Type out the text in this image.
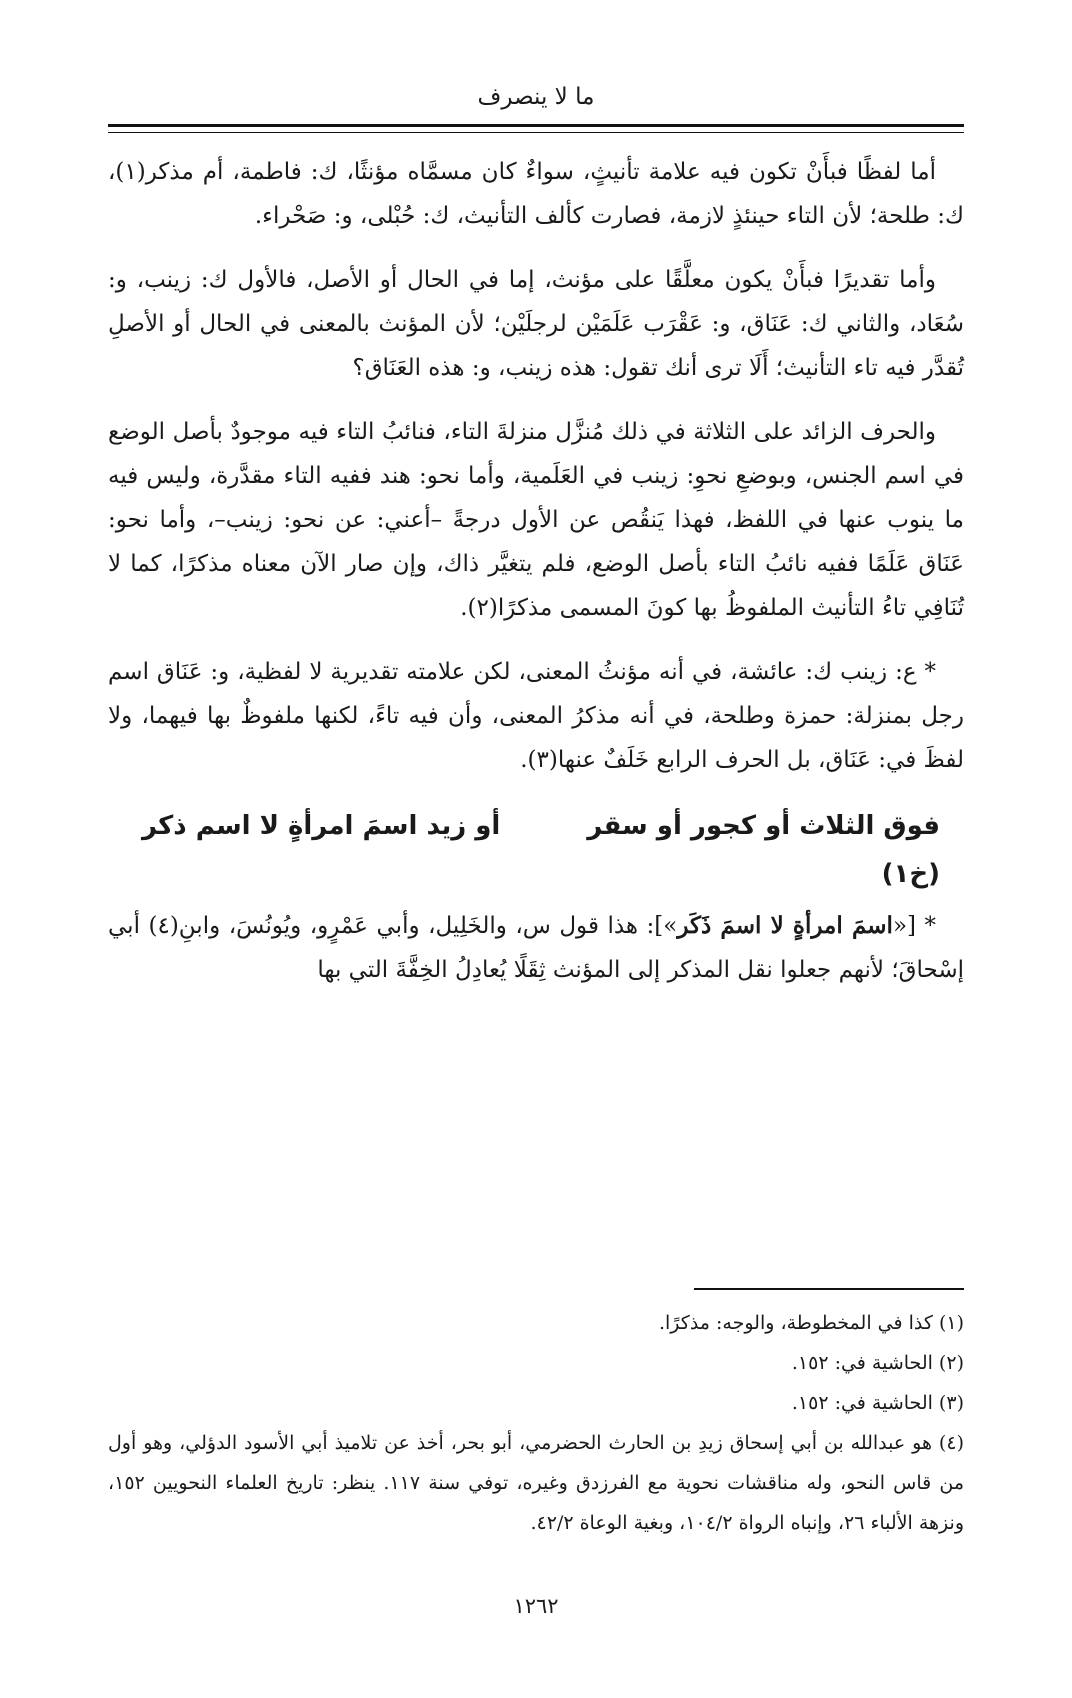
ما لا ينصرف

أما لفظًا فبأَنْ تكون فيه علامة تأنيثٍ، سواءٌ كان مسمَّاه مؤنثًا، ك: فاطمة، أم مذكر(١)، ك: طلحة؛ لأن التاء حينئذٍ لازمة، فصارت كألف التأنيث، ك: حُبْلى، و: صَحْراء.

وأما تقديرًا فبأَنْ يكون معلَّقًا على مؤنث، إما في الحال أو الأصل، فالأول ك: زينب، و: سُعَاد، والثاني ك: عَنَاق، و: عَقْرَب عَلَمَيْن لرجلَيْن؛ لأن المؤنث بالمعنى في الحال أو الأصلِ تُقدَّر فيه تاء التأنيث؛ أَلَا ترى أنك تقول: هذه زينب، و: هذه العَنَاق؟

والحرف الزائد على الثلاثة في ذلك مُنزَّل منزلةَ التاء، فنائبُ التاء فيه موجودٌ بأصل الوضع في اسم الجنس، وبوضعِ نحوِ: زينب في العَلَمية، وأما نحو: هند ففيه التاء مقدَّرة، وليس فيه ما ينوب عنها في اللفظ، فهذا يَنقُص عن الأول درجةً –أعني: عن نحو: زينب–، وأما نحو: عَنَاق عَلَمًا ففيه نائبُ التاء بأصل الوضع، فلم يتغيَّر ذاك، وإن صار الآن معناه مذكرًا، كما لا تُنَافِي تاءُ التأنيث الملفوظُ بها كونَ المسمى مذكرًا(٢).

* ع: زينب ك: عائشة، في أنه مؤنثُ المعنى، لكن علامته تقديرية لا لفظية، و: عَنَاق اسم رجل بمنزلة: حمزة وطلحة، في أنه مذكرُ المعنى، وأن فيه تاءً، لكنها ملفوظٌ بها فيهما، ولا لفظَ في: عَنَاق، بل الحرف الرابع خَلَفٌ عنها(٣).

فوق الثلاث أو كجور أو سقر
أو زيد اسمَ امرأةٍ لا اسم ذكر
(خ١)

* [«اسمَ امرأةٍ لا اسمَ ذَكَر»]: هذا قول س، والخَلِيل، وأبي عَمْرٍو، ويُونُسَ، وابنِ(٤) أبي إسْحاقَ؛ لأنهم جعلوا نقل المذكر إلى المؤنث ثِقَلًا يُعادِلُ الخِفَّةَ التي بها

(١) كذا في المخطوطة، والوجه: مذكرًا.

(٢) الحاشية في: ١٥٢.

(٣) الحاشية في: ١٥٢.

(٤) هو عبدالله بن أبي إسحاق زيدِ بن الحارث الحضرمي، أبو بحر، أخذ عن تلاميذ أبي الأسود الدؤلي، وهو أول من قاس النحو، وله مناقشات نحوية مع الفرزدق وغيره، توفي سنة ١١٧. ينظر: تاريخ العلماء النحويين ١٥٢، ونزهة الألباء ٢٦، وإنباه الرواة ١٠٤/٢، وبغية الوعاة ٤٢/٢.

١٢٦٢
